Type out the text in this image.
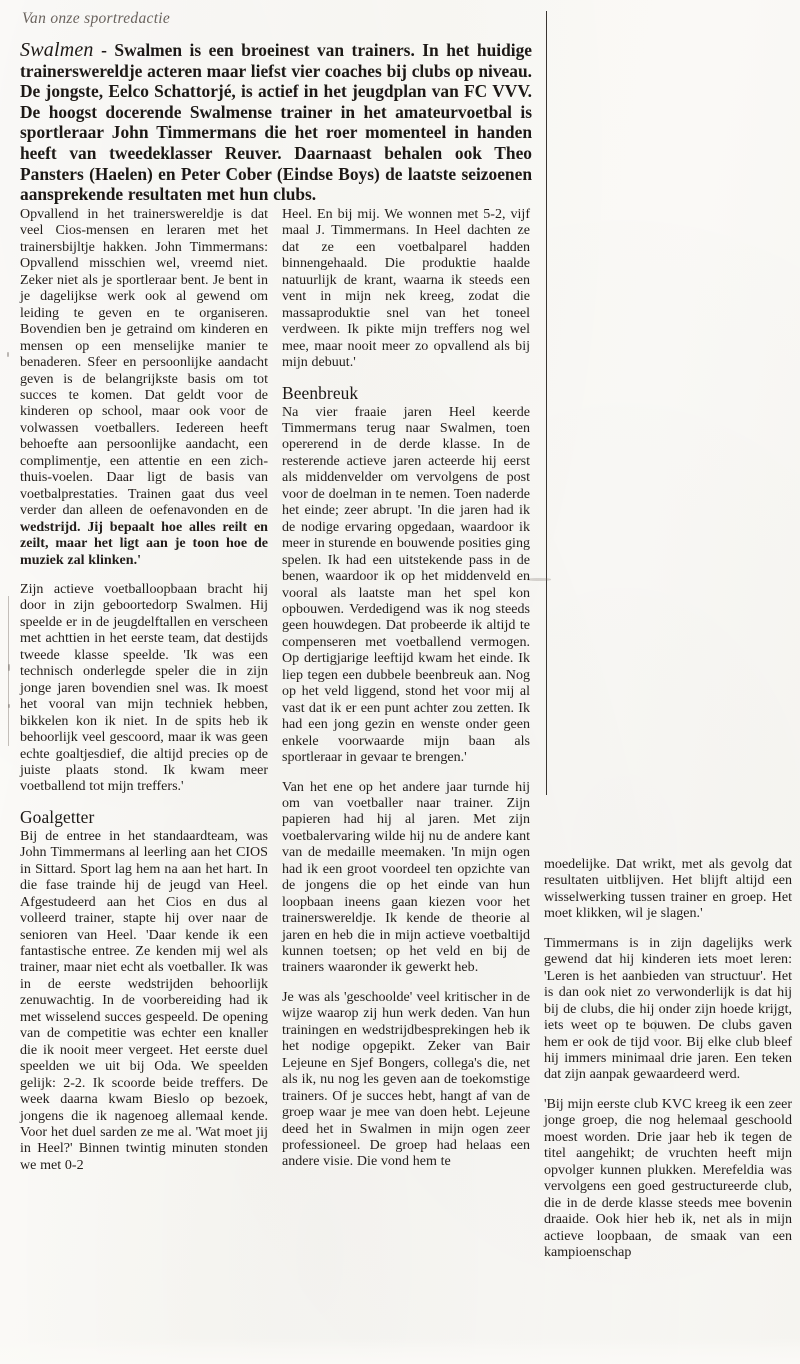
Van onze sportredactie
Swalmen - Swalmen is een broeinest van trainers. In het huidige trainerswereldje acteren maar liefst vier coaches bij clubs op niveau. De jongste, Eelco Schattorjé, is actief in het jeugdplan van FC VVV. De hoogst docerende Swalmense trainer in het amateurvoetbal is sportleraar John Timmermans die het roer momenteel in handen heeft van tweedeklasser Reuver. Daarnaast behalen ook Theo Pansters (Haelen) en Peter Cober (Eindse Boys) de laatste seizoenen aansprekende resultaten met hun clubs.

Opvallend in het trainerswereldje is dat veel Cios-mensen en leraren met het trainersbijltje hakken. John Timmermans: Opvallend misschien wel, vreemd niet. Zeker niet als je sportleraar bent. Je bent in je dagelijkse werk ook al gewend om leiding te geven en te organiseren. Bovendien ben je getraind om kinderen en mensen op een menselijke manier te benaderen. Sfeer en persoonlijke aandacht geven is de belangrijkste basis om tot succes te komen. Dat geldt voor de kinderen op school, maar ook voor de volwassen voetballers. Iedereen heeft behoefte aan persoonlijke aandacht, een complimentje, een attentie en een zich-thuis-voelen. Daar ligt de basis van voetbalprestaties. Trainen gaat dus veel verder dan alleen de oefenavonden en de wedstrijd. Jij bepaalt hoe alles reilt en zeilt, maar het ligt aan je toon hoe de muziek zal klinken.'

Zijn actieve voetballoopbaan bracht hij door in zijn geboortedorp Swalmen. Hij speelde er in de jeugdelftallen en verscheen met achttien in het eerste team, dat destijds tweede klasse speelde. 'Ik was een technisch onderlegde speler die in zijn jonge jaren bovendien snel was. Ik moest het vooral van mijn techniek hebben, bikkelen kon ik niet. In de spits heb ik behoorlijk veel gescoord, maar ik was geen echte goaltjesdief, die altijd precies op de juiste plaats stond. Ik kwam meer voetballend tot mijn treffers.'

Goalgetter

Bij de entree in het standaardteam, was John Timmermans al leerling aan het CIOS in Sittard. Sport lag hem na aan het hart. In die fase trainde hij de jeugd van Heel. Afgestudeerd aan het Cios en dus al volleerd trainer, stapte hij over naar de senioren van Heel. 'Daar kende ik een fantastische entree. Ze kenden mij wel als trainer, maar niet echt als voetballer. Ik was in de eerste wedstrijden behoorlijk zenuwachtig. In de voorbereiding had ik met wisselend succes gespeeld. De opening van de competitie was echter een knaller die ik nooit meer vergeet. Het eerste duel speelden we uit bij Oda. We speelden gelijk: 2-2. Ik scoorde beide treffers. De week daarna kwam Bieslo op bezoek, jongens die ik nagenoeg allemaal kende. Voor het duel sarden ze me al. 'Wat moet jij in Heel?' Binnen twintig minuten stonden we met 0-2

Heel. En bij mij. We wonnen met 5-2, vijf maal J. Timmermans. In Heel dachten ze dat ze een voetbalparel hadden binnengehaald. Die produktie haalde natuurlijk de krant, waarna ik steeds een vent in mijn nek kreeg, zodat die massaproduktie snel van het toneel verdween. Ik pikte mijn treffers nog wel mee, maar nooit meer zo opvallend als bij mijn debuut.'

Beenbreuk

Na vier fraaie jaren Heel keerde Timmermans terug naar Swalmen, toen opererend in de derde klasse. In de resterende actieve jaren acteerde hij eerst als middenvelder om vervolgens de post voor de doelman in te nemen. Toen naderde het einde; zeer abrupt. 'In die jaren had ik de nodige ervaring opgedaan, waardoor ik meer in sturende en bouwende posities ging spelen. Ik had een uitstekende pass in de benen, waardoor ik op het middenveld en vooral als laatste man het spel kon opbouwen. Verdedigend was ik nog steeds geen houwdegen. Dat probeerde ik altijd te compenseren met voetballend vermogen. Op dertigjarige leeftijd kwam het einde. Ik liep tegen een dubbele beenbreuk aan. Nog op het veld liggend, stond het voor mij al vast dat ik er een punt achter zou zetten. Ik had een jong gezin en wenste onder geen enkele voorwaarde mijn baan als sportleraar in gevaar te brengen.'

Van het ene op het andere jaar turnde hij om van voetballer naar trainer. Zijn papieren had hij al jaren. Met zijn voetbalervaring wilde hij nu de andere kant van de medaille meemaken. 'In mijn ogen had ik een groot voordeel ten opzichte van de jongens die op het einde van hun loopbaan ineens gaan kiezen voor het trainerswereldje. Ik kende de theorie al jaren en heb die in mijn actieve voetbaltijd kunnen toetsen; op het veld en bij de trainers waaronder ik gewerkt heb.

Je was als 'geschoolde' veel kritischer in de wijze waarop zij hun werk deden. Van hun trainingen en wedstrijdbesprekingen heb ik het nodige opgepikt. Zeker van Bair Lejeune en Sjef Bongers, collega's die, net als ik, nu nog les geven aan de toekomstige trainers. Of je succes hebt, hangt af van de groep waar je mee van doen hebt. Lejeune deed het in Swalmen in mijn ogen zeer professioneel. De groep had helaas een andere visie. Die vond hem te

moedelijke. Dat wrikt, met als gevolg dat resultaten uitblijven. Het blijft altijd een wisselwerking tussen trainer en groep. Het moet klikken, wil je slagen.'

Timmermans is in zijn dagelijks werk gewend dat hij kinderen iets moet leren: 'Leren is het aanbieden van structuur'. Het is dan ook niet zo verwonderlijk is dat hij bij de clubs, die hij onder zijn hoede krijgt, iets weet op te bouwen. De clubs gaven hem er ook de tijd voor. Bij elke club bleef hij immers minimaal drie jaren. Een teken dat zijn aanpak gewaardeerd werd.

'Bij mijn eerste club KVC kreeg ik een zeer jonge groep, die nog helemaal geschoold moest worden. Drie jaar heb ik tegen de titel aangehikt; de vruchten heeft mijn opvolger kunnen plukken. Merefeldia was vervolgens een goed gestructureerde club, die in de derde klasse steeds mee bovenin draaide. Ook hier heb ik, net als in mijn actieve loopbaan, de smaak van een kampioenschap
